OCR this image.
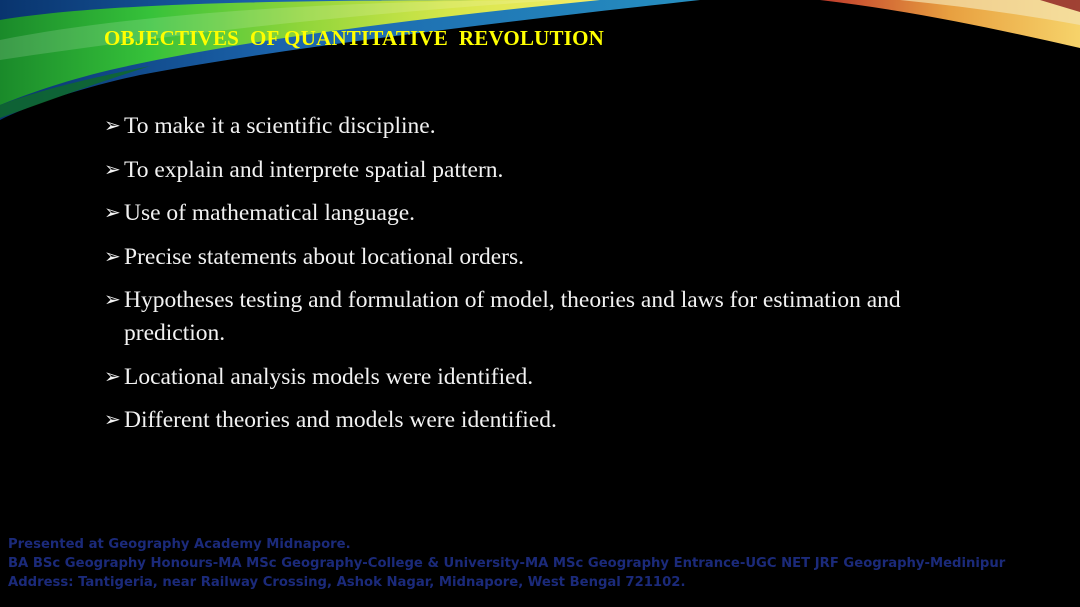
OBJECTIVES  OF QUANTITATIVE  REVOLUTION
➢ To make it a scientific discipline.
➢ To explain and interprete spatial pattern.
➢ Use of mathematical language.
➢ Precise statements about locational orders.
➢ Hypotheses testing and formulation of model, theories and laws for estimation and prediction.
➢ Locational analysis models were identified.
➢ Different theories and models were identified.
Presented at Geography Academy Midnapore.
BA BSc Geography Honours-MA MSc Geography-College & University-MA MSc Geography Entrance-UGC NET JRF Geography-Medinipur
Address: Tantigeria, near Railway Crossing, Ashok Nagar, Midnapore, West Bengal 721102.
